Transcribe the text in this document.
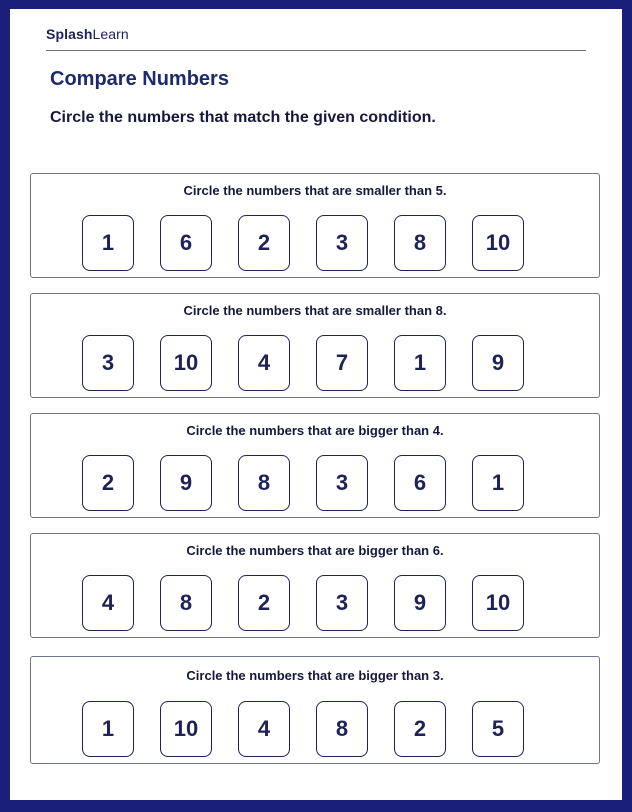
SplashLearn
Compare Numbers
Circle the numbers that match the given condition.
Circle the numbers that are smaller than 5.
1	6	2	3	8	10
Circle the numbers that are smaller than 8.
3	10	4	7	1	9
Circle the numbers that are bigger than 4.
2	9	8	3	6	1
Circle the numbers that are bigger than 6.
4	8	2	3	9	10
Circle the numbers that are bigger than 3.
1	10	4	8	2	5
